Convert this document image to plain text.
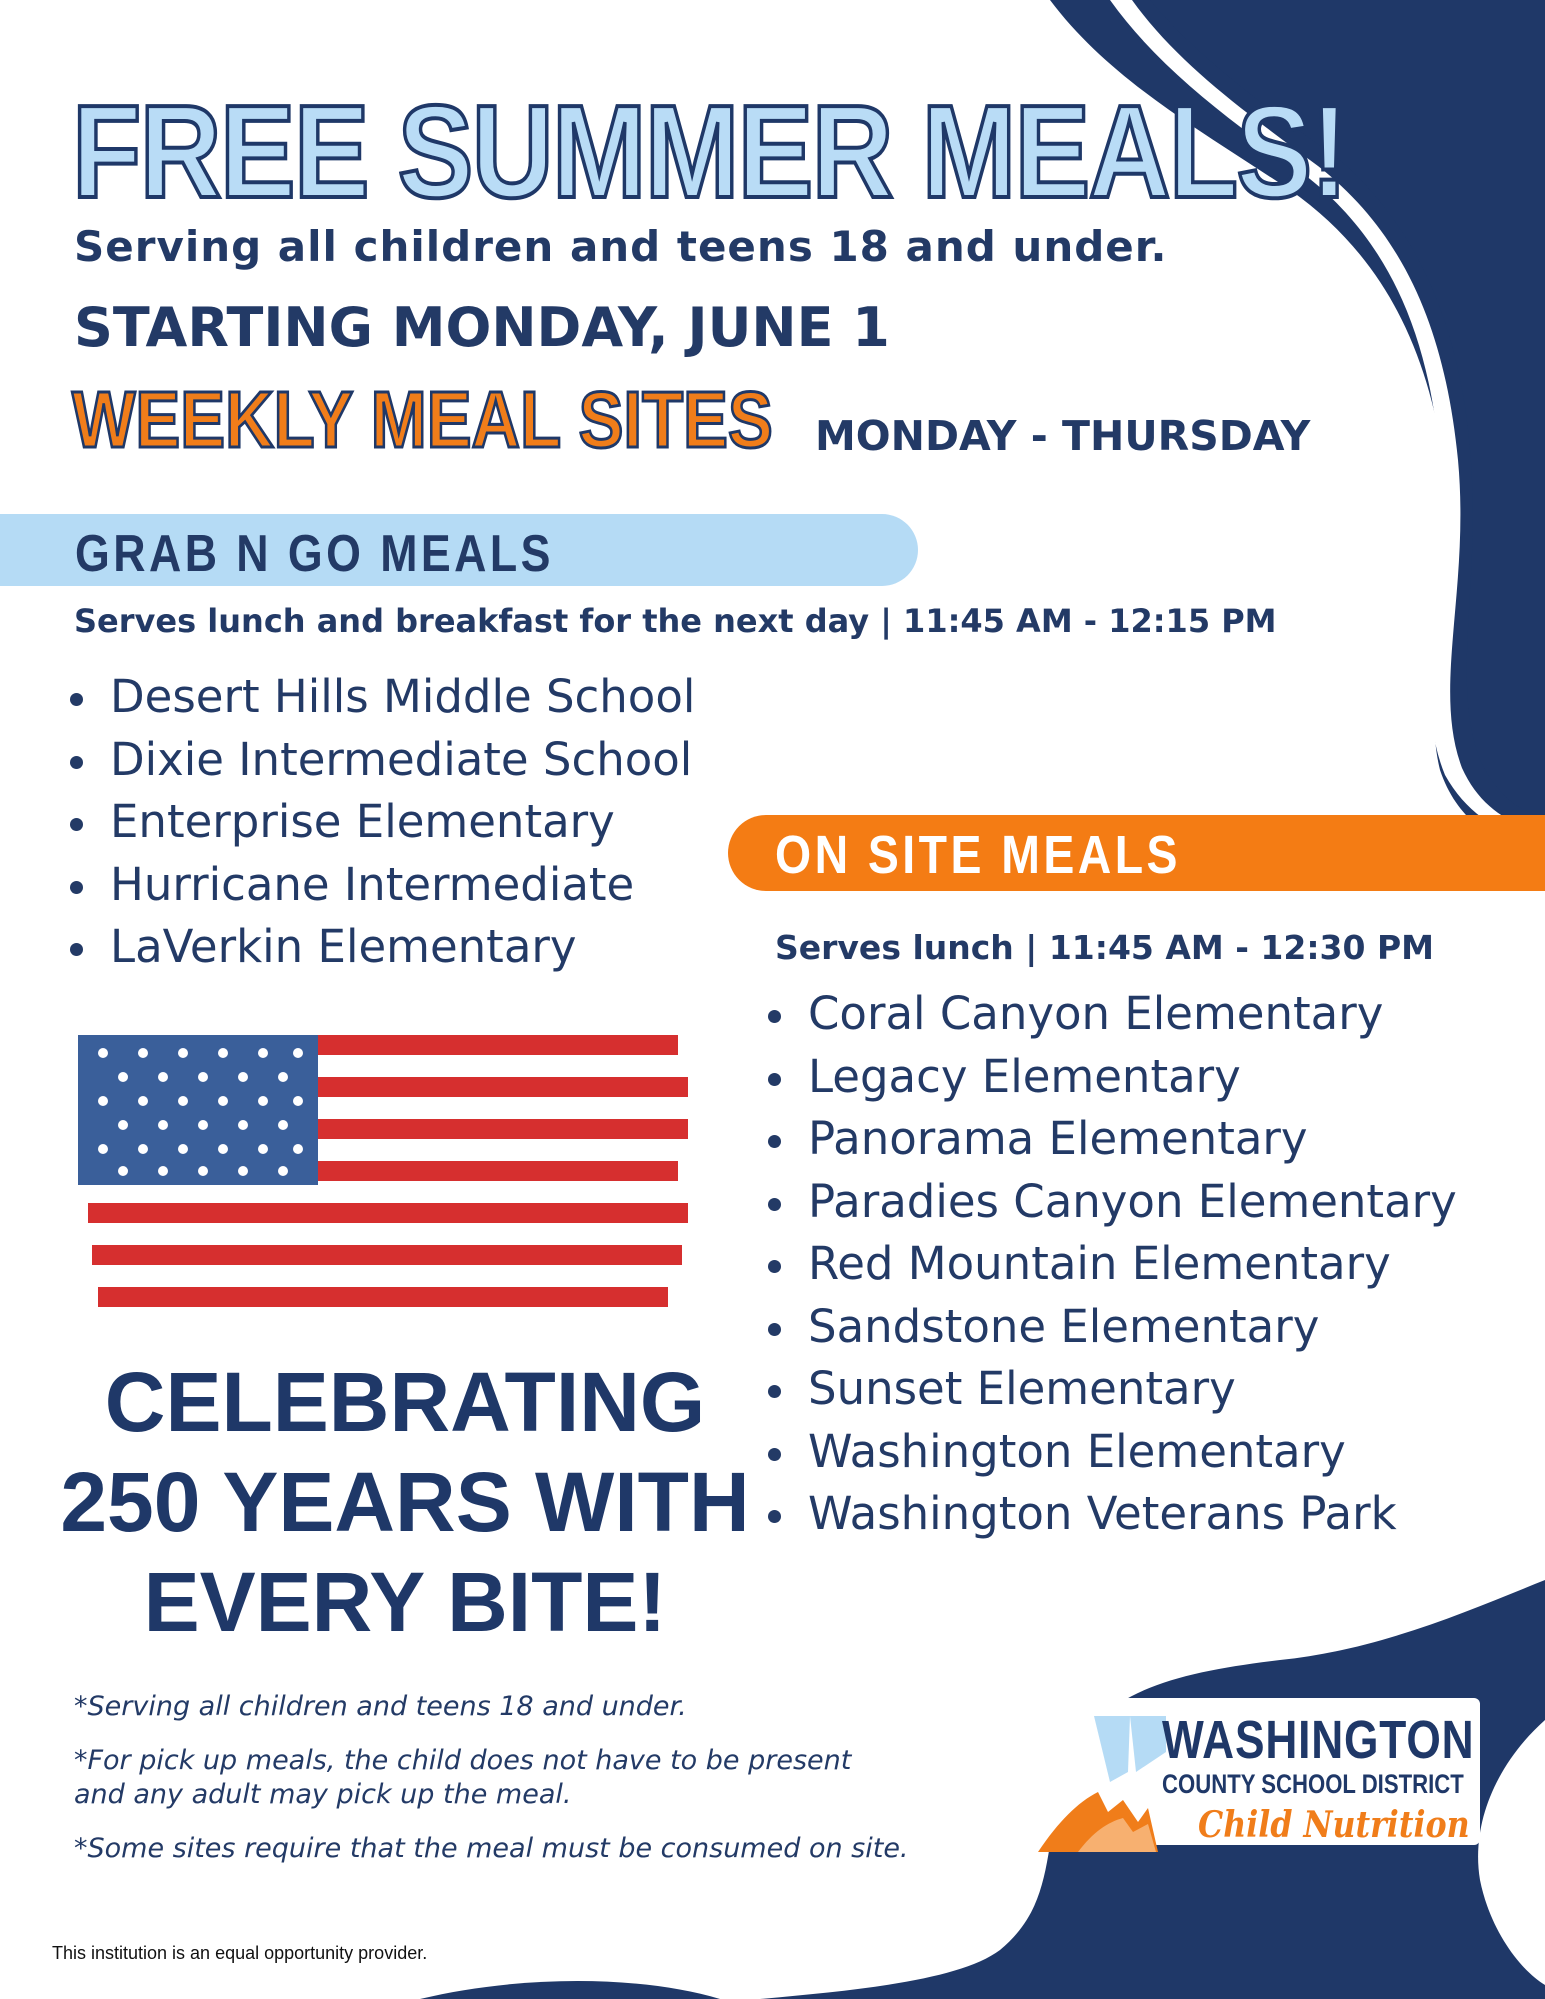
FREE SUMMER MEALS!
Serving all children and teens 18 and under.
STARTING MONDAY, JUNE 1
WEEKLY MEAL SITES MONDAY - THURSDAY
GRAB N GO MEALS
Serves lunch and breakfast for the next day | 11:45 AM - 12:15 PM
Desert Hills Middle School
Dixie Intermediate School
Enterprise Elementary
Hurricane Intermediate
LaVerkin Elementary
ON SITE MEALS
Serves lunch | 11:45 AM - 12:30 PM
Coral Canyon Elementary
Legacy Elementary
Panorama Elementary
Paradies Canyon Elementary
Red Mountain Elementary
Sandstone Elementary
Sunset Elementary
Washington Elementary
Washington Veterans Park
CELEBRATING
250 YEARS WITH
EVERY BITE!
*Serving all children and teens 18 and under.
*For pick up meals, the child does not have to be present and any adult may pick up the meal.
*Some sites require that the meal must be consumed on site.
This institution is an equal opportunity provider.
WASHINGTON
COUNTY SCHOOL DISTRICT
Child Nutrition
